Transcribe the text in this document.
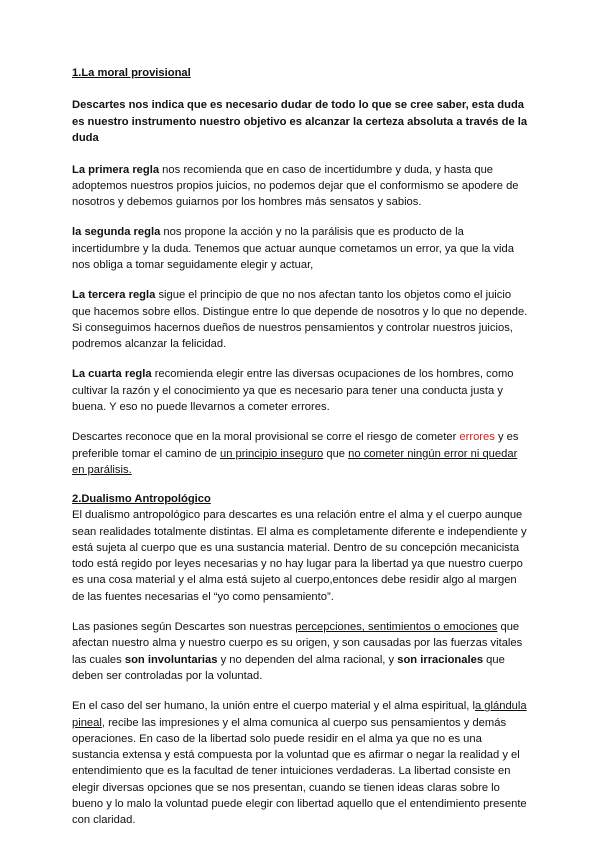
1.La moral provisional
Descartes nos indica que es necesario dudar de todo lo que se cree saber, esta duda es nuestro instrumento nuestro objetivo es alcanzar la certeza absoluta a través de la duda

La primera regla nos recomienda que en caso de incertidumbre y duda, y hasta que adoptemos nuestros propios juicios, no podemos dejar que el conformismo se apodere de nosotros y debemos guiarnos por los hombres más sensatos y sabios.

la segunda regla nos propone la acción y no la parálisis que es producto de la incertidumbre y la duda. Tenemos que actuar aunque cometamos un error, ya que la vida nos obliga a tomar seguidamente elegir y actuar,

La tercera regla sigue el principio de que no nos afectan tanto los objetos como el juicio que hacemos sobre ellos. Distingue entre lo que depende de nosotros y lo que no depende. Si conseguimos hacernos dueños de nuestros pensamientos y controlar nuestros juicios, podremos alcanzar la felicidad.

La cuarta regla recomienda elegir entre las diversas ocupaciones de los hombres, como cultivar la razón y el conocimiento ya que es necesario para tener una conducta justa y buena. Y eso no puede llevarnos a cometer errores.

Descartes reconoce que en la moral provisional se corre el riesgo de cometer errores y es preferible tomar el camino de un principio inseguro que no cometer ningún error ni quedar en parálisis.

2.Dualismo Antropológico

El dualismo antropológico para descartes es una relación entre el alma y el cuerpo aunque sean realidades totalmente distintas. El alma es completamente diferente e independiente y está sujeta al cuerpo que es una sustancia material. Dentro de su concepción mecanicista todo está regido por leyes necesarias y no hay lugar para la libertad ya que nuestro cuerpo es una cosa material y el alma está sujeto al cuerpo,entonces debe residir algo al margen de las fuentes necesarias el “yo como pensamiento”.

Las pasiones según Descartes son nuestras percepciones, sentimientos o emociones que afectan nuestro alma y nuestro cuerpo es su origen, y son causadas por las fuerzas vitales las cuales son involuntarias y no dependen del alma racional, y son irracionales que deben ser controladas por la voluntad.

En el caso del ser humano, la unión entre el cuerpo material y el alma espiritual, la glándula pineal, recibe las impresiones y el alma comunica al cuerpo sus pensamientos y demás operaciones. En caso de la libertad solo puede residir en el alma ya que no es una sustancia extensa y está compuesta por la voluntad que es afirmar o negar la realidad y el entendimiento que es la facultad de tener intuiciones verdaderas. La libertad consiste en elegir diversas opciones que se nos presentan, cuando se tienen ideas claras sobre lo bueno y lo malo la voluntad puede elegir con libertad aquello que el entendimiento presente con claridad.
